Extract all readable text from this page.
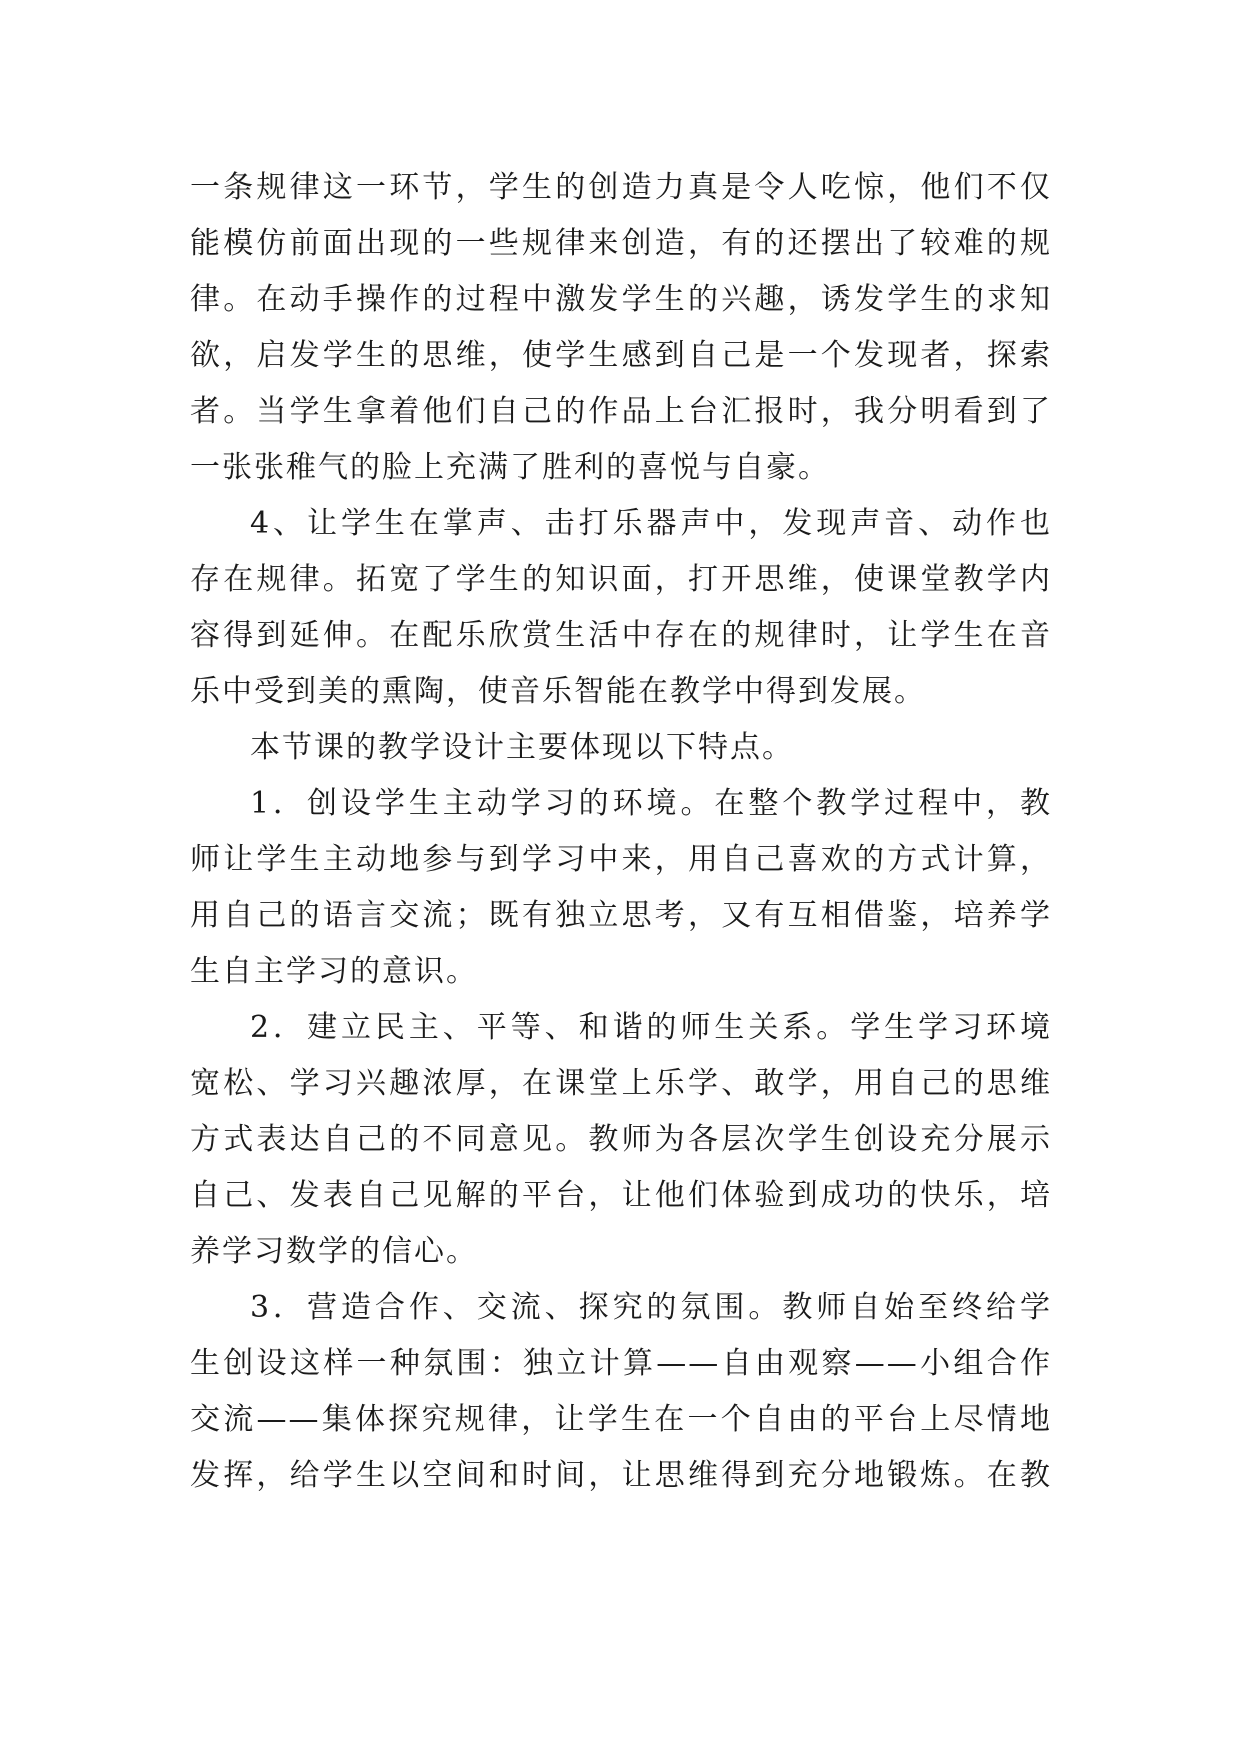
一条规律这一环节，学生的创造力真是令人吃惊，他们不仅
能模仿前面出现的一些规律来创造，有的还摆出了较难的规
律。在动手操作的过程中激发学生的兴趣，诱发学生的求知
欲，启发学生的思维，使学生感到自己是一个发现者，探索
者。当学生拿着他们自己的作品上台汇报时，我分明看到了
一张张稚气的脸上充满了胜利的喜悦与自豪。
4、让学生在掌声、击打乐器声中，发现声音、动作也
存在规律。拓宽了学生的知识面，打开思维，使课堂教学内
容得到延伸。在配乐欣赏生活中存在的规律时，让学生在音
乐中受到美的熏陶，使音乐智能在教学中得到发展。
本节课的教学设计主要体现以下特点。
1．创设学生主动学习的环境。在整个教学过程中，教
师让学生主动地参与到学习中来，用自己喜欢的方式计算，
用自己的语言交流；既有独立思考，又有互相借鉴，培养学
生自主学习的意识。
2．建立民主、平等、和谐的师生关系。学生学习环境
宽松、学习兴趣浓厚，在课堂上乐学、敢学，用自己的思维
方式表达自己的不同意见。教师为各层次学生创设充分展示
自己、发表自己见解的平台，让他们体验到成功的快乐，培
养学习数学的信心。
3．营造合作、交流、探究的氛围。教师自始至终给学
生创设这样一种氛围：独立计算——自由观察——小组合作
交流——集体探究规律，让学生在一个自由的平台上尽情地
发挥，给学生以空间和时间，让思维得到充分地锻炼。在教
